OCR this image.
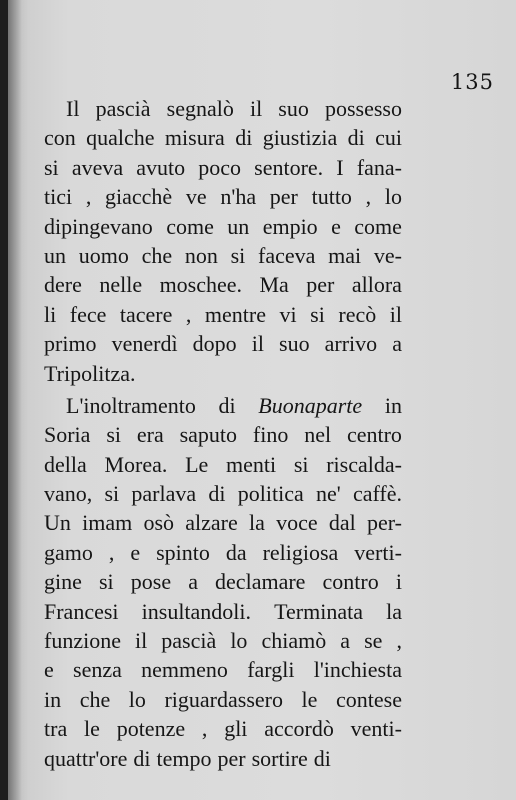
135
Il pascià segnalò il suo possesso
con qualche misura di giustizia di cui
si aveva avuto poco sentore. I fana-
tici , giacchè ve n'ha per tutto , lo
dipingevano come un empio e come
un uomo che non si faceva mai ve-
dere nelle moschee. Ma per allora
li fece tacere , mentre vi si recò il
primo venerdì dopo il suo arrivo a
Tripolitza.
L'inoltramento di Buonaparte in
Soria si era saputo fino nel centro
della Morea. Le menti si riscalda-
vano, si parlava di politica ne' caffè.
Un imam osò alzare la voce dal per-
gamo , e spinto da religiosa verti-
gine si pose a declamare contro i
Francesi insultandoli. Terminata la
funzione il pascià lo chiamò a se ,
e senza nemmeno fargli l'inchiesta
in che lo riguardassero le contese
tra le potenze , gli accordò venti-
quattr'ore di tempo per sortire di
